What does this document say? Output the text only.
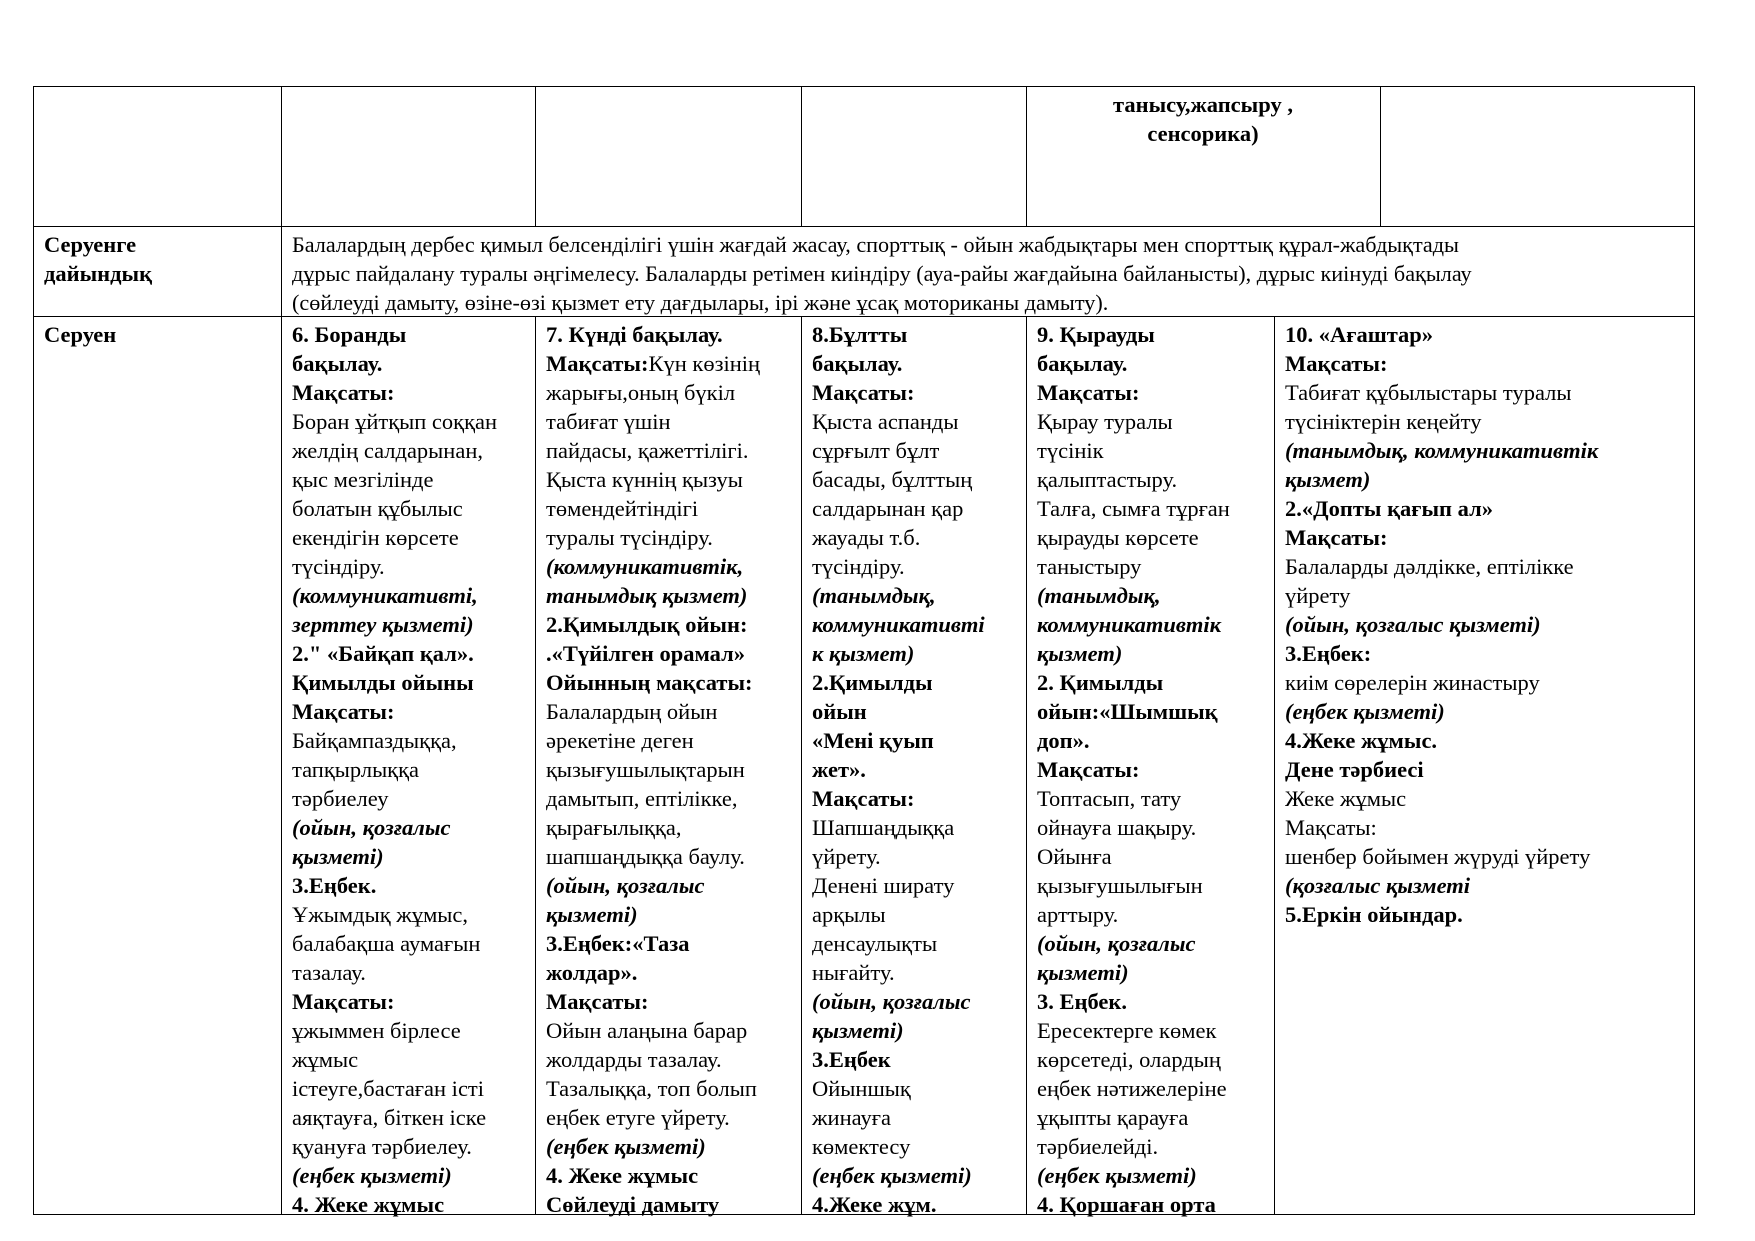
танысу,жапсыру ,
сенсорика)
Серуенге
дайындық
Балалардың дербес қимыл белсенділігі үшін жағдай жасау, спорттық - ойын жабдықтары мен спорттық құрал-жабдықтады
дұрыс пайдалану туралы әңгімелесу. Балаларды ретімен киіндіру (ауа-райы жағдайына байланысты), дұрыс киінуді бақылау
(сөйлеуді дамыту, өзіне-өзі қызмет ету дағдылары, ірі және ұсақ моториканы дамыту).
Серуен	6. Боранды
бақылау.
Мақсаты:
Боран ұйтқып соққан
желдің салдарынан,
қыс мезгілінде
болатын құбылыс
екендігін көрсете
түсіндіру.
(коммуникативті,
зерттеу қызметі)
2." «Байқап қал».
Қимылды ойыны
Мақсаты:
Байқампаздыққа,
тапқырлыққа
тәрбиелеу
(ойын, қозғалыс
қызметі)
3.Еңбек.
Ұжымдық жұмыс,
балабақша аумағын
тазалау.
Мақсаты:
ұжыммен бірлесе
жұмыс
істеуге,бастаған істі
аяқтауға, біткен іске
қуануға тәрбиелеу.
(еңбек қызметі)
4. Жеке жұмыс
7. Күнді бақылау.
Мақсаты:Күн көзінің
жарығы,оның бүкіл
табиғат үшін
пайдасы, қажеттілігі.
Қыста күннің қызуы
төмендейтіндігі
туралы түсіндіру.
(коммуникативтік,
танымдық қызмет)
2.Қимылдық ойын:
.«Түйілген орамал»
Ойынның мақсаты:
Балалардың ойын
әрекетіне деген
қызығушылықтарын
дамытып, ептілікке,
қырағылыққа,
шапшаңдыққа баулу.
(ойын, қозғалыс
қызметі)
3.Еңбек:«Таза
жолдар».
Мақсаты:
Ойын алаңына барар
жолдарды тазалау.
Тазалыққа, топ болып
еңбек етуге үйрету.
(еңбек қызметі)
4. Жеке жұмыс
Сөйлеуді дамыту
8.Бұлтты
бақылау.
Мақсаты:
Қыста аспанды
сұрғылт бұлт
басады, бұлттың
салдарынан қар
жауады т.б.
түсіндіру.
(танымдық,
коммуникативті
к қызмет)
2.Қимылды
ойын
«Мені қуып
жет».
Мақсаты:
Шапшаңдыққа
үйрету.
Денені ширату
арқылы
денсаулықты
нығайту.
(ойын, қозғалыс
қызметі)
3.Еңбек
Ойыншық
жинауға
көмектесу
(еңбек қызметі)
4.Жеке жұм.
9. Қырауды
бақылау.
Мақсаты:
Қырау туралы
түсінік
қалыптастыру.
Талға, сымға тұрған
қырауды көрсете
таныстыру
(танымдық,
коммуникативтік
қызмет)
2. Қимылды
ойын:«Шымшық
доп».
Мақсаты:
Топтасып, тату
ойнауға шақыру.
Ойынға
қызығушылығын
арттыру.
(ойын, қозғалыс
қызметі)
3. Еңбек.
Ересектерге көмек
көрсетеді, олардың
еңбек нәтижелеріне
ұқыпты қарауға
тәрбиелейді.
(еңбек қызметі)
4. Қоршаған орта
10. «Ағаштар»
Мақсаты:
Табиғат құбылыстары туралы
түсініктерін кеңейту
(танымдық, коммуникативтік
қызмет)
2.«Допты қағып ал»
Мақсаты:
Балаларды дәлдікке, ептілікке
үйрету
(ойын, қозғалыс қызметі)
3.Еңбек:
киім сөрелерін жинастыру
(еңбек қызметі)
4.Жеке жұмыс.
Дене тәрбиесі
Жеке жұмыс
Мақсаты:
шенбер бойымен жүруді үйрету
(қозғалыс қызметі
5.Еркін ойындар.
